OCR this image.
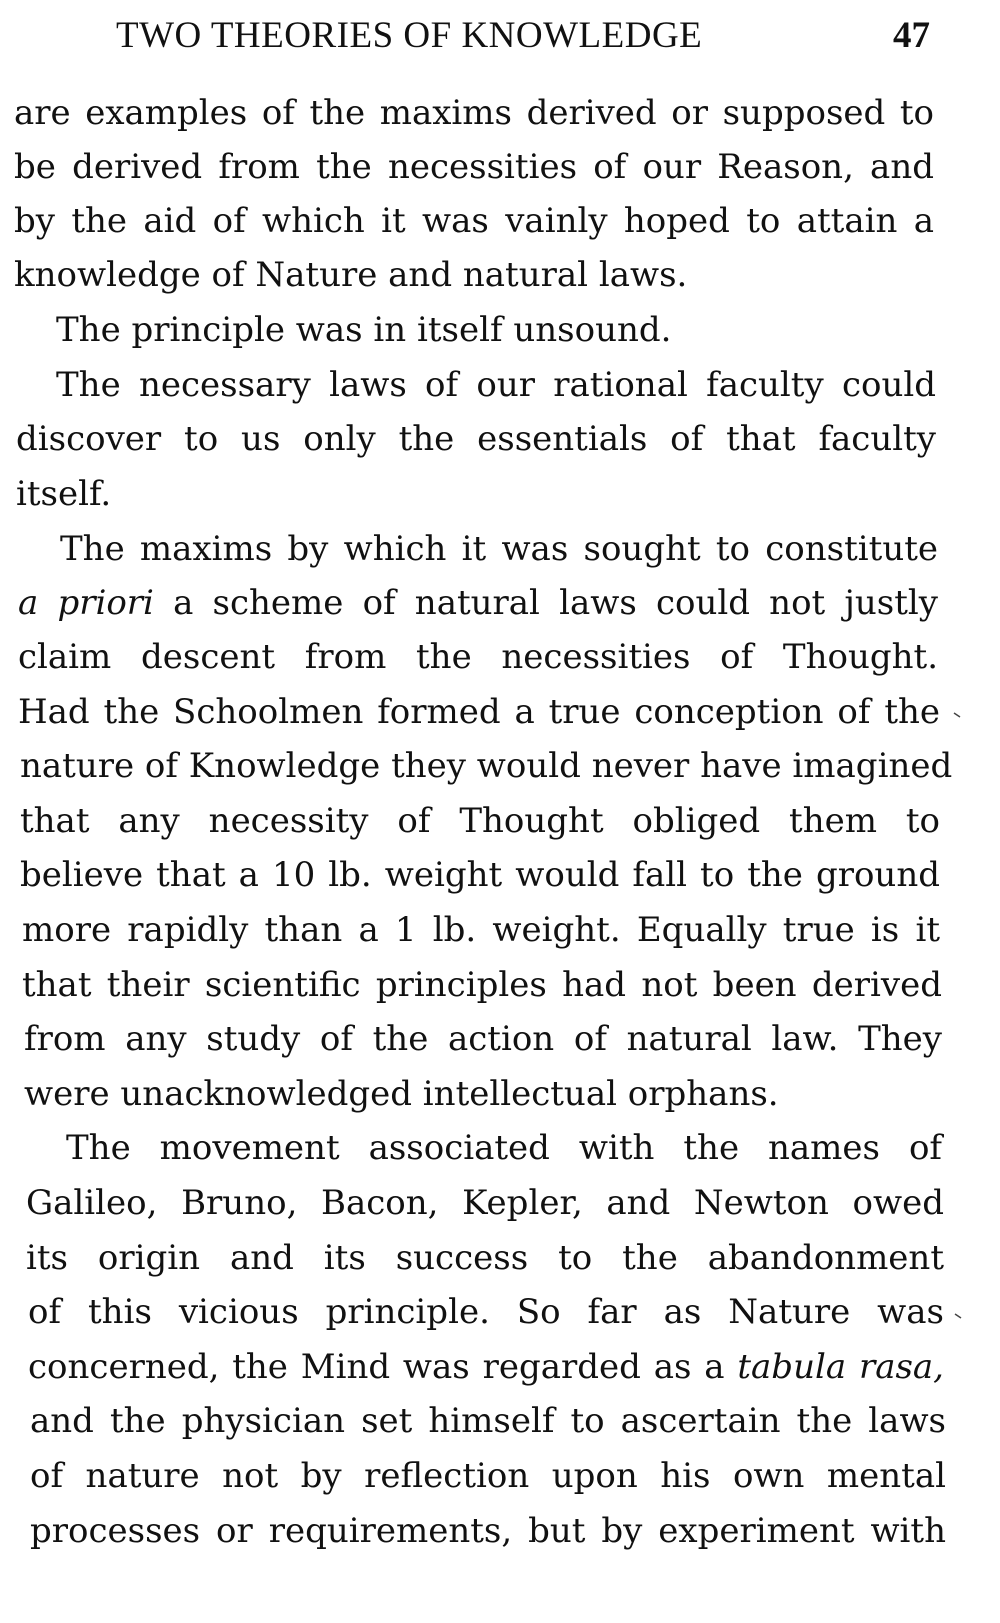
TWO THEORIES OF KNOWLEDGE	47
are examples of the maxims derived or supposed to
be derived from the necessities of our Reason, and
by the aid of which it was vainly hoped to attain a
knowledge of Nature and natural laws.
The principle was in itself unsound.
The necessary laws of our rational faculty could
discover to us only the essentials of that faculty
itself.
The maxims by which it was sought to constitute
a priori a scheme of natural laws could not justly
claim descent from the necessities of Thought.
Had the Schoolmen formed a true conception of the
nature of Knowledge they would never have imagined
that any necessity of Thought obliged them to
believe that a 10 lb. weight would fall to the ground
more rapidly than a 1 lb. weight. Equally true is it
that their scientific principles had not been derived
from any study of the action of natural law. They
were unacknowledged intellectual orphans.
The movement associated with the names of
Galileo, Bruno, Bacon, Kepler, and Newton owed
its origin and its success to the abandonment
of this vicious principle. So far as Nature was
concerned, the Mind was regarded as a tabula rasa,
and the physician set himself to ascertain the laws
of nature not by reflection upon his own mental
processes or requirements, but by experiment with
